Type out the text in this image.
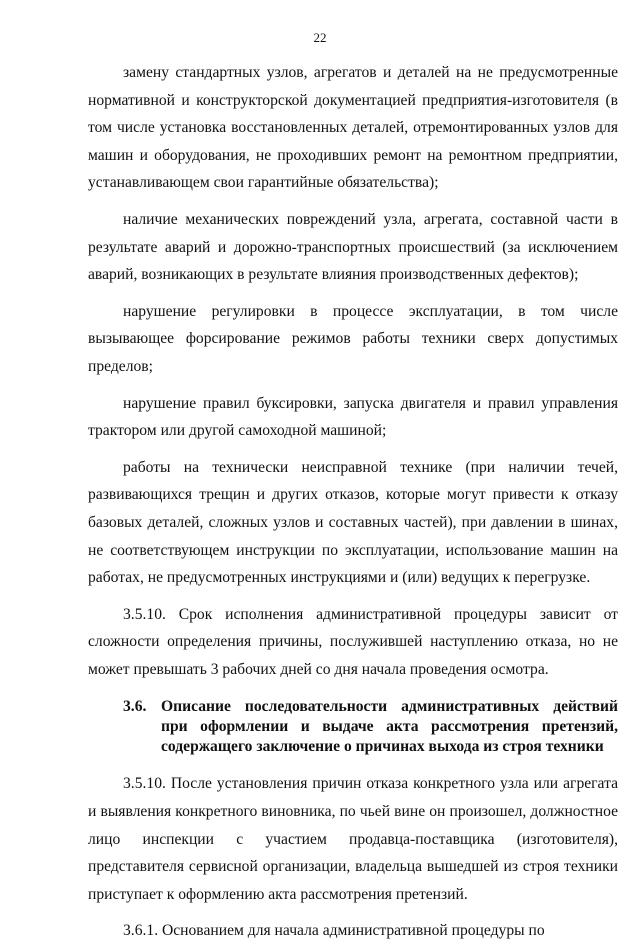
22

замену стандартных узлов, агрегатов и деталей на не предусмотренные нормативной и конструкторской документацией предприятия-изготовителя (в том числе установка восстановленных деталей, отремонтированных узлов для машин и оборудования, не проходивших ремонт на ремонтном предприятии, устанавливающем свои гарантийные обязательства);

наличие механических повреждений узла, агрегата, составной части в результате аварий и дорожно-транспортных происшествий (за исключением аварий, возникающих в результате влияния производственных дефектов);

нарушение регулировки в процессе эксплуатации, в том числе вызывающее форсирование режимов работы техники сверх допустимых пределов;

нарушение правил буксировки, запуска двигателя и правил управления трактором или другой самоходной машиной;

работы на технически неисправной технике (при наличии течей, развивающихся трещин и других отказов, которые могут привести к отказу базовых деталей, сложных узлов и составных частей), при давлении в шинах, не соответствующем инструкции по эксплуатации, использование машин на работах, не предусмотренных инструкциями и (или) ведущих к перегрузке.

3.5.10. Срок исполнения административной процедуры зависит от сложности определения причины, послужившей наступлению отказа, но не может превышать 3 рабочих дней со дня начала проведения осмотра.

3.6. Описание последовательности административных действий при оформлении и выдаче акта рассмотрения претензий, содержащего заключение о причинах выхода из строя техники

3.5.10. После установления причин отказа конкретного узла или агрегата и выявления конкретного виновника, по чьей вине он произошел, должностное лицо инспекции с участием продавца-поставщика (изготовителя), представителя сервисной организации, владельца вышедшей из строя техники приступает к оформлению акта рассмотрения претензий.

3.6.1. Основанием для начала административной процедуры по
